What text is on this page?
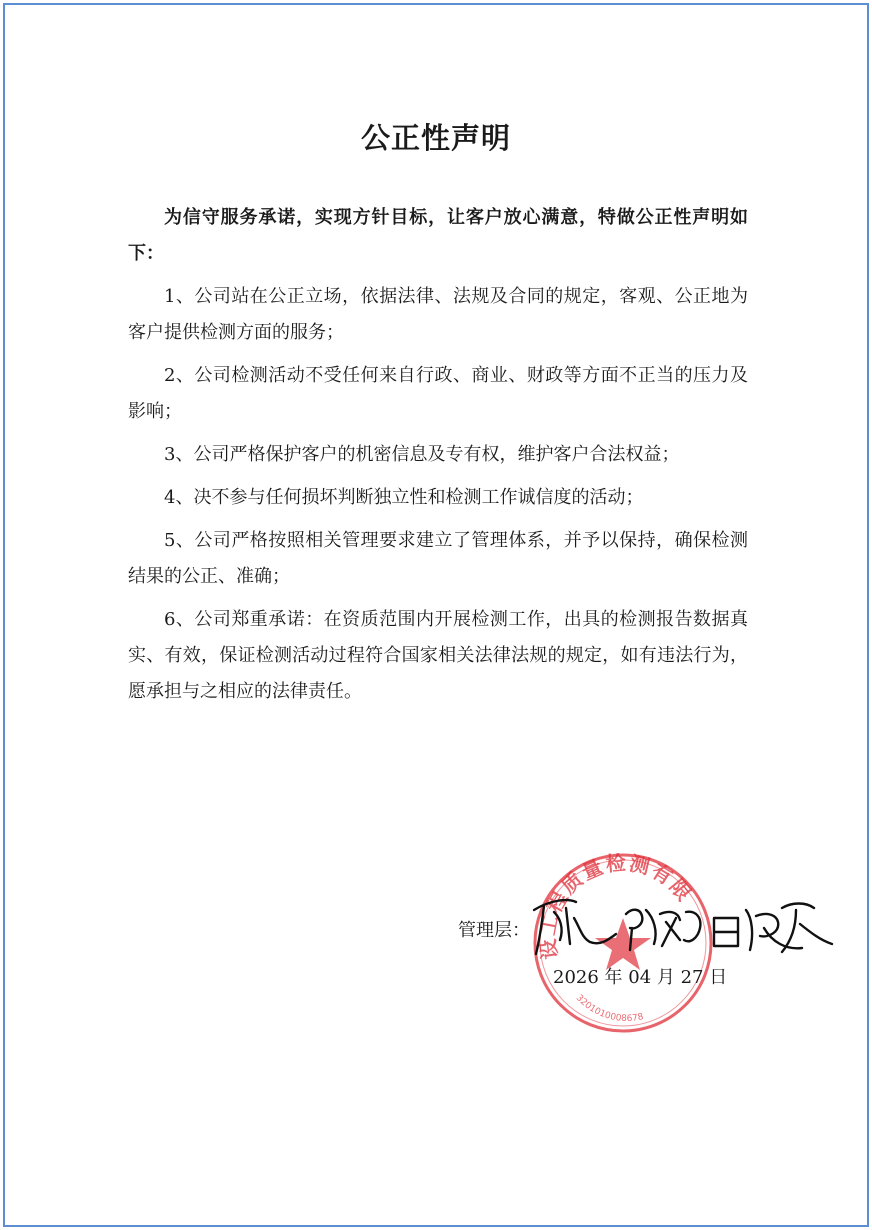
公正性声明

为信守服务承诺，实现方针目标，让客户放心满意，特做公正性声明如下：

1、公司站在公正立场，依据法律、法规及合同的规定，客观、公正地为客户提供检测方面的服务；

2、公司检测活动不受任何来自行政、商业、财政等方面不正当的压力及影响；

3、公司严格保护客户的机密信息及专有权，维护客户合法权益；

4、决不参与任何损坏判断独立性和检测工作诚信度的活动；

5、公司严格按照相关管理要求建立了管理体系，并予以保持，确保检测结果的公正、准确；

6、公司郑重承诺：在资质范围内开展检测工作，出具的检测报告数据真实、有效，保证检测活动过程符合国家相关法律法规的规定，如有违法行为，愿承担与之相应的法律责任。

设工程质量检测有限
3201010008678
管理层：
2026 年 04 月 27 日
